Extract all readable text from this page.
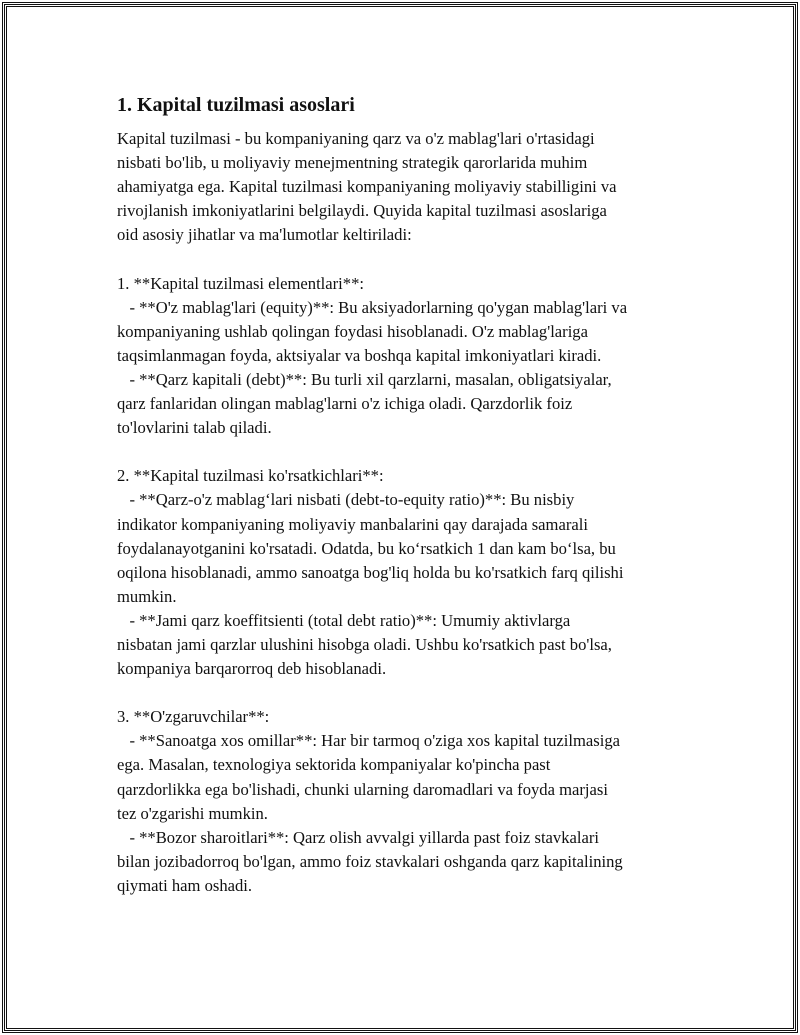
1. Kapital tuzilmasi asoslari
Kapital tuzilmasi - bu kompaniyaning qarz va o'z mablag'lari o'rtasidagi
nisbati bo'lib, u moliyaviy menejmentning strategik qarorlarida muhim
ahamiyatga ega. Kapital tuzilmasi kompaniyaning moliyaviy stabilligini va
rivojlanish imkoniyatlarini belgilaydi. Quyida kapital tuzilmasi asoslariga
oid asosiy jihatlar va ma'lumotlar keltiriladi:
1. **Kapital tuzilmasi elementlari**:
- **O'z mablag'lari (equity)**: Bu aksiyadorlarning qo'ygan mablag'lari va
kompaniyaning ushlab qolingan foydasi hisoblanadi. O'z mablag'lariga
taqsimlanmagan foyda, aktsiyalar va boshqa kapital imkoniyatlari kiradi.
- **Qarz kapitali (debt)**: Bu turli xil qarzlarni, masalan, obligatsiyalar,
qarz fanlaridan olingan mablag'larni o'z ichiga oladi. Qarzdorlik foiz
to'lovlarini talab qiladi.
2. **Kapital tuzilmasi ko'rsatkichlari**:
- **Qarz-o'z mablag‘lari nisbati (debt-to-equity ratio)**: Bu nisbiy
indikator kompaniyaning moliyaviy manbalarini qay darajada samarali
foydalanayotganini ko'rsatadi. Odatda, bu ko‘rsatkich 1 dan kam bo‘lsa, bu
oqilona hisoblanadi, ammo sanoatga bog'liq holda bu ko'rsatkich farq qilishi
mumkin.
- **Jami qarz koeffitsienti (total debt ratio)**: Umumiy aktivlarga
nisbatan jami qarzlar ulushini hisobga oladi. Ushbu ko'rsatkich past bo'lsa,
kompaniya barqarorroq deb hisoblanadi.
3. **O'zgaruvchilar**:
- **Sanoatga xos omillar**: Har bir tarmoq o'ziga xos kapital tuzilmasiga
ega. Masalan, texnologiya sektorida kompaniyalar ko'pincha past
qarzdorlikka ega bo'lishadi, chunki ularning daromadlari va foyda marjasi
tez o'zgarishi mumkin.
- **Bozor sharoitlari**: Qarz olish avvalgi yillarda past foiz stavkalari
bilan jozibadorroq bo'lgan, ammo foiz stavkalari oshganda qarz kapitalining
qiymati ham oshadi.
